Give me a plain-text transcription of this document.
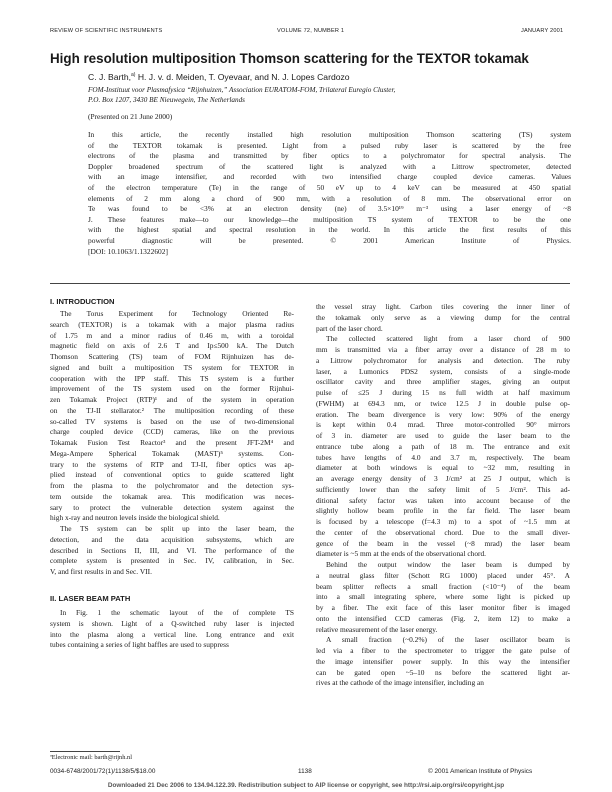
REVIEW OF SCIENTIFIC INSTRUMENTS	VOLUME 72, NUMBER 1	JANUARY 2001
High resolution multiposition Thomson scattering for the TEXTOR tokamak
C. J. Barth,$^{a)}$ H. J. v. d. Meiden, T. Oyevaar, and N. J. Lopes Cardozo
FOM-Instituut voor Plasmafysica “Rijnhuizen,” Association EURATOM-FOM, Trilateral Euregio Cluster,
P.O. Box 1207, 3430 BE Nieuwegein, The Netherlands
(Presented on 21 June 2000)
In this article, the recently installed high resolution multiposition Thomson scattering (TS) system
of the TEXTOR tokamak is presented. Light from a pulsed ruby laser is scattered by the free
electrons of the plasma and transmitted by fiber optics to a polychromator for spectral analysis. The
Doppler broadened spectrum of the scattered light is analyzed with a Littrow spectrometer, detected
with an image intensifier, and recorded with two intensified charge coupled device cameras. Values
of the electron temperature (Te) in the range of 50 eV up to 4 keV can be measured at 450 spatial
elements of 2 mm along a chord of 900 mm, with a resolution of 8 mm. The observational error on
Te was found to be <3% at an electron density (ne) of 3.5×10¹⁹ m⁻³ using a laser energy of ~8
J. These features make—to our knowledge—the multiposition TS system of TEXTOR to be the one
with the highest spatial and spectral resolution in the world. In this article the first results of this
powerful diagnostic will be presented. © 2001 American Institute of Physics.
[DOI: 10.1063/1.1322602]
I. INTRODUCTION
The Torus Experiment for Technology Oriented Re-
search (TEXTOR) is a tokamak with a major plasma radius
of 1.75 m and a minor radius of 0.46 m, with a toroidal
magnetic field on axis of 2.6 T and Ip≤500 kA. The Dutch
Thomson Scattering (TS) team of FOM Rijnhuizen has de-
signed and built a multiposition TS system for TEXTOR in
cooperation with the IPP staff. This TS system is a further
improvement of the TS system used on the former Rijnhui-
zen Tokamak Project (RTP)¹ and of the system in operation
on the TJ-II stellarator.² The multiposition recording of these
so-called TV systems is based on the use of two-dimensional
charge coupled device (CCD) cameras, like on the previous
Tokamak Fusion Test Reactor³ and the present JFT-2M⁴ and
Mega-Ampere Spherical Tokamak (MAST)⁵ systems. Con-
trary to the systems of RTP and TJ-II, fiber optics was ap-
plied instead of conventional optics to guide scattered light
from the plasma to the polychromator and the detection sys-
tem outside the tokamak area. This modification was neces-
sary to protect the vulnerable detection system against the
high x-ray and neutron levels inside the biological shield.
The TS system can be split up into the laser beam, the
detection, and the data acquisition subsystems, which are
described in Sections II, III, and VI. The performance of the
complete system is presented in Sec. IV, calibration, in Sec.
V, and first results in and Sec. VII.
II. LASER BEAM PATH
In Fig. 1 the schematic layout of the of complete TS
system is shown. Light of a Q-switched ruby laser is injected
into the plasma along a vertical line. Long entrance and exit
tubes containing a series of light baffles are used to suppress
the vessel stray light. Carbon tiles covering the inner liner of
the tokamak only serve as a viewing dump for the central
part of the laser chord.
The collected scattered light from a laser chord of 900
mm is transmitted via a fiber array over a distance of 28 m to
a Littrow polychromator for analysis and detection. The ruby
laser, a Lumonics PDS2 system, consists of a single-mode
oscillator cavity and three amplifier stages, giving an output
pulse of ≤25 J during 15 ns full width at half maximum
(FWHM) at 694.3 nm, or twice 12.5 J in double pulse op-
eration. The beam divergence is very low: 90% of the energy
is kept within 0.4 mrad. Three motor-controlled 90° mirrors
of 3 in. diameter are used to guide the laser beam to the
entrance tube along a path of 18 m. The entrance and exit
tubes have lengths of 4.0 and 3.7 m, respectively. The beam
diameter at both windows is equal to ~32 mm, resulting in
an average energy density of 3 J/cm² at 25 J output, which is
sufficiently lower than the safety limit of 5 J/cm². This ad-
ditional safety factor was taken into account because of the
slightly hollow beam profile in the far field. The laser beam
is focused by a telescope (f=4.3 m) to a spot of ~1.5 mm at
the center of the observational chord. Due to the small diver-
gence of the beam in the vessel (~8 mrad) the laser beam
diameter is ~5 mm at the ends of the observational chord.
Behind the output window the laser beam is dumped by
a neutral glass filter (Schott RG 1000) placed under 45°. A
beam splitter reflects a small fraction (<10⁻⁴) of the beam
into a small integrating sphere, where some light is picked up
by a fiber. The exit face of this laser monitor fiber is imaged
onto the intensified CCD cameras (Fig. 2, item 12) to make a
relative measurement of the laser energy.
A small fraction (~0.2%) of the laser oscillator beam is
led via a fiber to the spectrometer to trigger the gate pulse of
the image intensifier power supply. In this way the intensifier
can be gated open ~5–10 ns before the scattered light ar-
rives at the cathode of the image intensifier, including an
ªElectronic mail: barth@rijnh.nl
0034-6748/2001/72(1)/1138/5/$18.00	1138	© 2001 American Institute of Physics
Downloaded 21 Dec 2006 to 134.94.122.39. Redistribution subject to AIP license or copyright, see http://rsi.aip.org/rsi/copyright.jsp
